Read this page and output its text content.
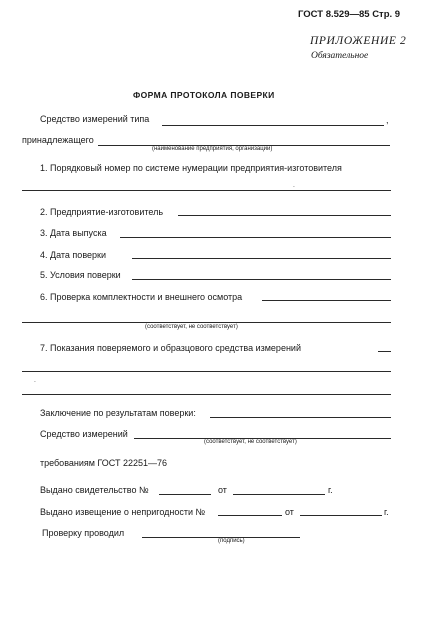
ГОСТ 8.529—85 Стр. 9
ПРИЛОЖЕНИЕ 2
Обязательное
ФОРМА ПРОТОКОЛА ПОВЕРКИ
Средство измерений типа	,
принадлежащего
(наименование предприятия, организации)
1. Порядковый номер по системе нумерации предприятия-изготовителя
2. Предприятие-изготовитель
3. Дата выпуска
4. Дата поверки
5. Условия поверки
6. Проверка комплектности и внешнего осмотра
(соответствует, не соответствует)
7. Показания поверяемого и образцового средства измерений
Заключение по результатам поверки:
Средство измерений
(соответствует, не соответствует)
требованиям ГОСТ 22251—76
Выдано свидетельство №	от	г.
Выдано извещение о непригодности №	от	г.
Проверку проводил
(подпись)
·
·
